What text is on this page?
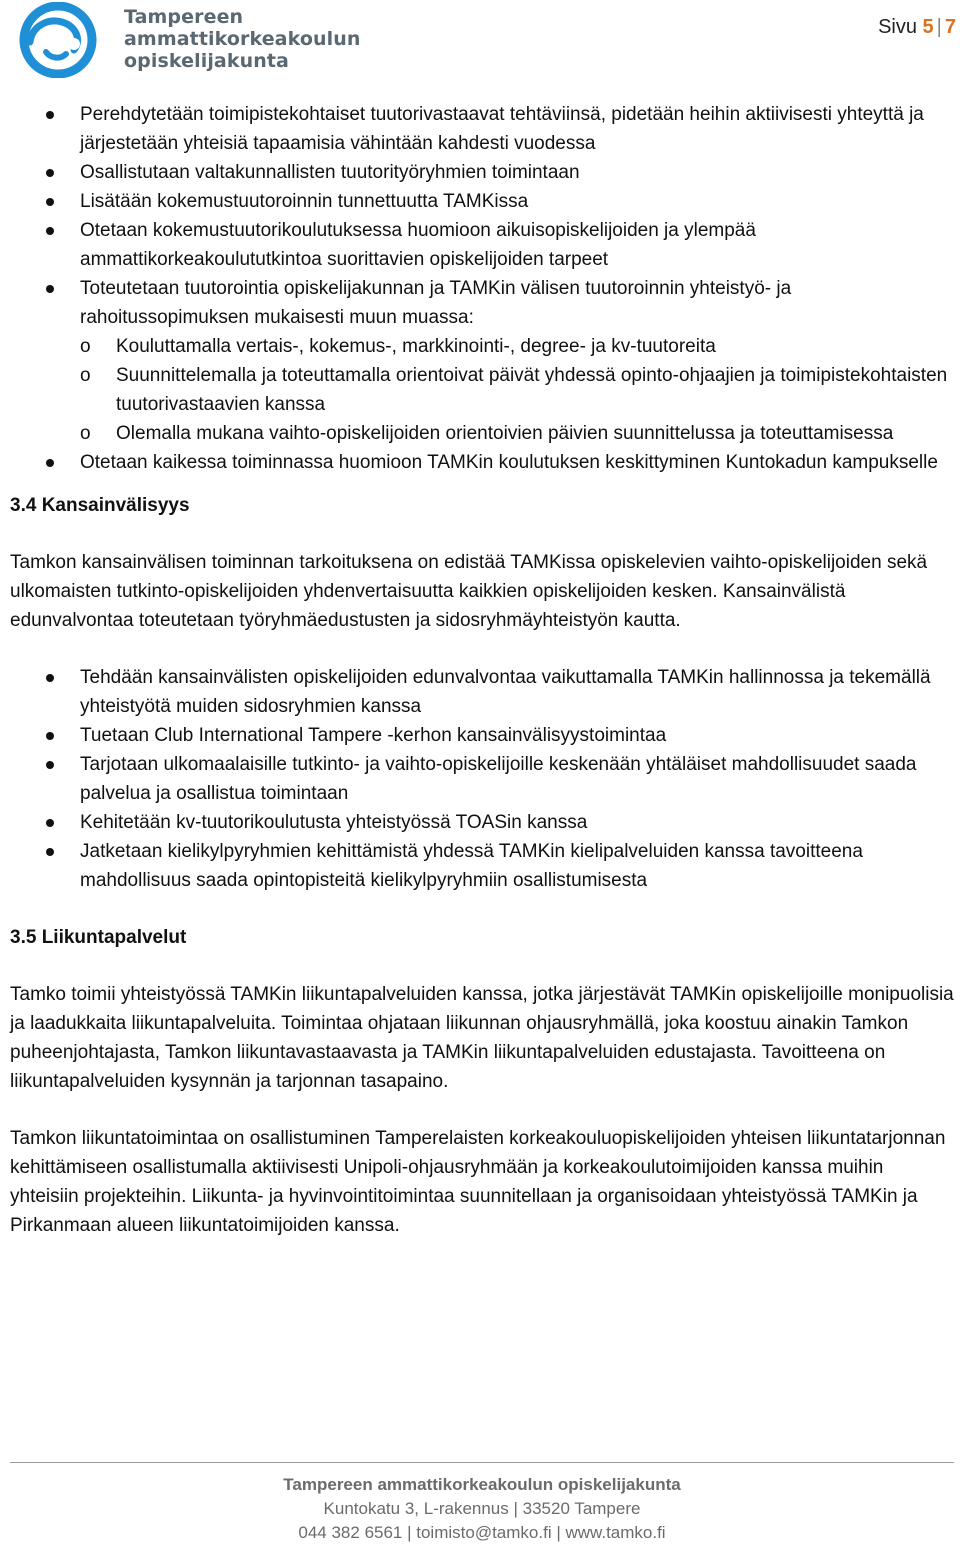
Tampereen
ammattikorkeakoulun
opiskelijakunta
Sivu 5 | 7
Perehdytetään toimipistekohtaiset tuutorivastaavat tehtäviinsä, pidetään heihin aktiivisesti yhteyttä ja järjestetään yhteisiä tapaamisia vähintään kahdesti vuodessa
Osallistutaan valtakunnallisten tuutorityöryhmien toimintaan
Lisätään kokemustuutoroinnin tunnettuutta TAMKissa
Otetaan kokemustuutorikoulutuksessa huomioon aikuisopiskelijoiden ja ylempää ammattikorkeakoulututkintoa suorittavien opiskelijoiden tarpeet
Toteutetaan tuutorointia opiskelijakunnan ja TAMKin välisen tuutoroinnin yhteistyö- ja rahoitussopimuksen mukaisesti muun muassa:
o Kouluttamalla vertais-, kokemus-, markkinointi-, degree- ja kv-tuutoreita
o Suunnittelemalla ja toteuttamalla orientoivat päivät yhdessä opinto-ohjaajien ja toimipistekohtaisten tuutorivastaavien kanssa
o Olemalla mukana vaihto-opiskelijoiden orientoivien päivien suunnittelussa ja toteuttamisessa
Otetaan kaikessa toiminnassa huomioon TAMKin koulutuksen keskittyminen Kuntokadun kampukselle
3.4 Kansainvälisyys

Tamkon kansainvälisen toiminnan tarkoituksena on edistää TAMKissa opiskelevien vaihto-opiskelijoiden sekä ulkomaisten tutkinto-opiskelijoiden yhdenvertaisuutta kaikkien opiskelijoiden kesken. Kansainvälistä edunvalvontaa toteutetaan työryhmäedustusten ja sidosryhmäyhteistyön kautta.

Tehdään kansainvälisten opiskelijoiden edunvalvontaa vaikuttamalla TAMKin hallinnossa ja tekemällä yhteistyötä muiden sidosryhmien kanssa
Tuetaan Club International Tampere -kerhon kansainvälisyystoimintaa
Tarjotaan ulkomaalaisille tutkinto- ja vaihto-opiskelijoille keskenään yhtäläiset mahdollisuudet saada palvelua ja osallistua toimintaan
Kehitetään kv-tuutorikoulutusta yhteistyössä TOASin kanssa
Jatketaan kielikylpyryhmien kehittämistä yhdessä TAMKin kielipalveluiden kanssa tavoitteena mahdollisuus saada opintopisteitä kielikylpyryhmiin osallistumisesta
3.5 Liikuntapalvelut

Tamko toimii yhteistyössä TAMKin liikuntapalveluiden kanssa, jotka järjestävät TAMKin opiskelijoille monipuolisia ja laadukkaita liikuntapalveluita. Toimintaa ohjataan liikunnan ohjausryhmällä, joka koostuu ainakin Tamkon puheenjohtajasta, Tamkon liikuntavastaavasta ja TAMKin liikuntapalveluiden edustajasta. Tavoitteena on liikuntapalveluiden kysynnän ja tarjonnan tasapaino.

Tamkon liikuntatoimintaa on osallistuminen Tamperelaisten korkeakouluopiskelijoiden yhteisen liikuntatarjonnan kehittämiseen osallistumalla aktiivisesti Unipoli-ohjausryhmään ja korkeakoulutoimijoiden kanssa muihin yhteisiin projekteihin. Liikunta- ja hyvinvointitoimintaa suunnitellaan ja organisoidaan yhteistyössä TAMKin ja Pirkanmaan alueen liikuntatoimijoiden kanssa.

Tampereen ammattikorkeakoulun opiskelijakunta
Kuntokatu 3, L-rakennus | 33520 Tampere
044 382 6561 | toimisto@tamko.fi | www.tamko.fi
